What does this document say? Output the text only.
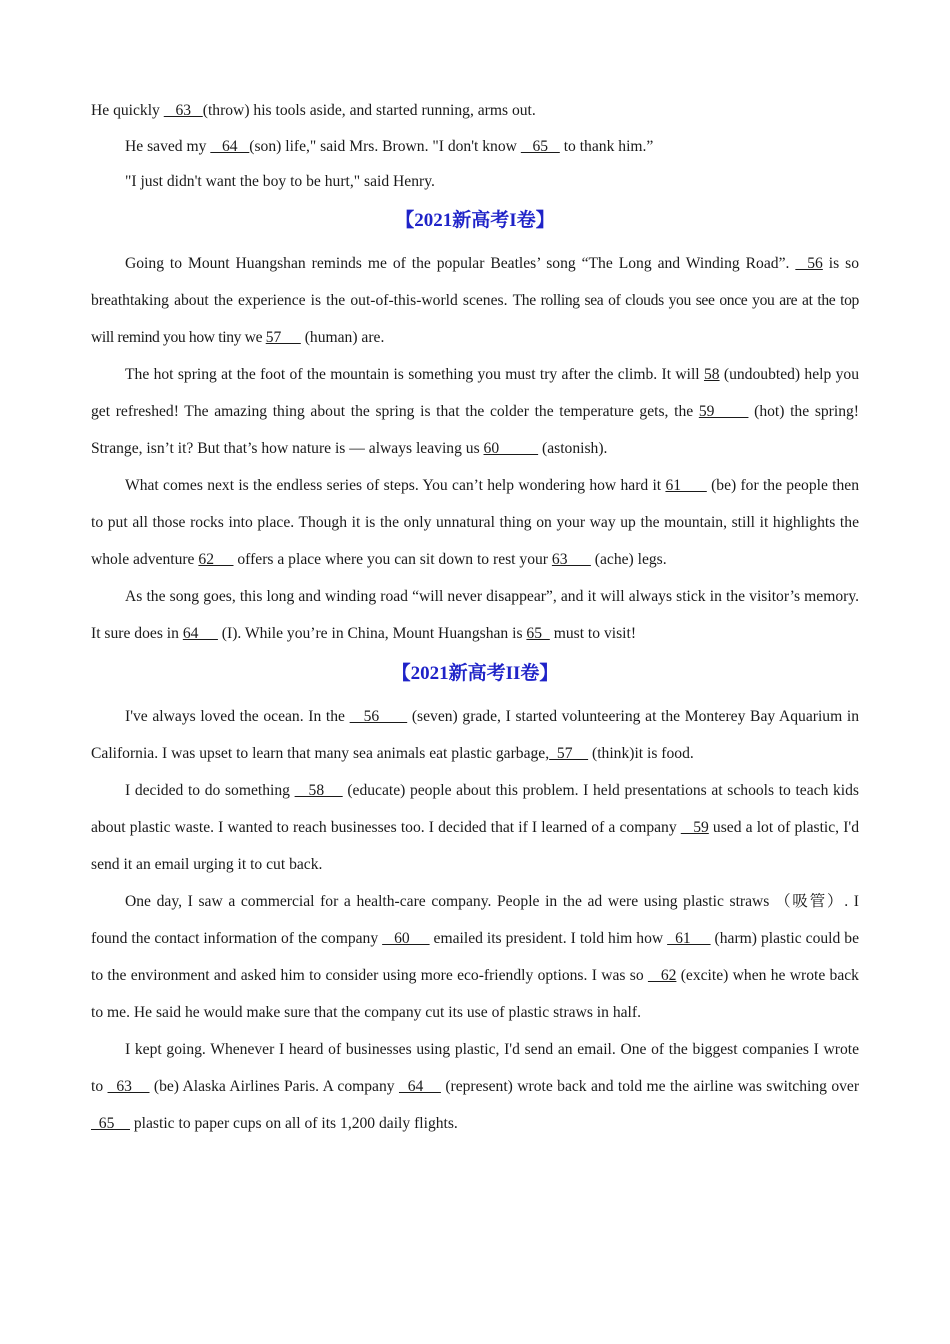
He quickly    63   (throw) his tools aside, and started running, arms out.

He saved my    64   (son) life," said Mrs. Brown. "I don't know    65    to thank him.”

"I just didn't want the boy to be hurt," said Henry.

【2021新高考I卷】

Going to Mount Huangshan reminds me of the popular Beatles’ song “The Long and Winding Road”.   56 is so breathtaking about the experience is the out-of-this-world scenes. The rolling sea of clouds you see once you are at the top will remind you how tiny we 57      (human) are.

The hot spring at the foot of the mountain is something you must try after the climb. It will 58 (undoubted) help you get refreshed! The amazing thing about the spring is that the colder the temperature gets, the 59       (hot) the spring! Strange, isn’t it? But that’s how nature is — always leaving us 60           (astonish).

What comes next is the endless series of steps. You can’t help wondering how hard it 61       (be) for the people then to put all those rocks into place. Though it is the only unnatural thing on your way up the mountain, still it highlights the whole adventure 62      offers a place where you can sit down to rest your 63       (ache) legs.

As the song goes, this long and winding road “will never disappear”, and it will always stick in the visitor’s memory. It sure does in 64      (I). While you’re in China, Mount Huangshan is 65   must to visit!

【2021新高考II卷】

I've always loved the ocean. In the    56       (seven) grade, I started volunteering at the Monterey Bay Aquarium in California. I was upset to learn that many sea animals eat plastic garbage,  57     (think)it is food.

I decided to do something    58     (educate) people about this problem. I held presentations at schools to teach kids about plastic waste. I wanted to reach businesses too. I decided that if I learned of a company    59 used a lot of plastic, I'd send it an email urging it to cut back.

One day, I saw a commercial for a health-care company. People in the ad were using plastic straws （吸管）. I found the contact information of the company    60      emailed its president. I told him how   61      (harm) plastic could be to the environment and asked him to consider using more eco-friendly options. I was so    62 (excite) when he wrote back to me. He said he would make sure that the company cut its use of plastic straws in half.

I kept going. Whenever I heard of businesses using plastic, I'd send an email. One of the biggest companies I wrote to   63     (be) Alaska Airlines Paris. A company   64     (represent) wrote back and told me the airline was switching over   65     plastic to paper cups on all of its 1,200 daily flights.
